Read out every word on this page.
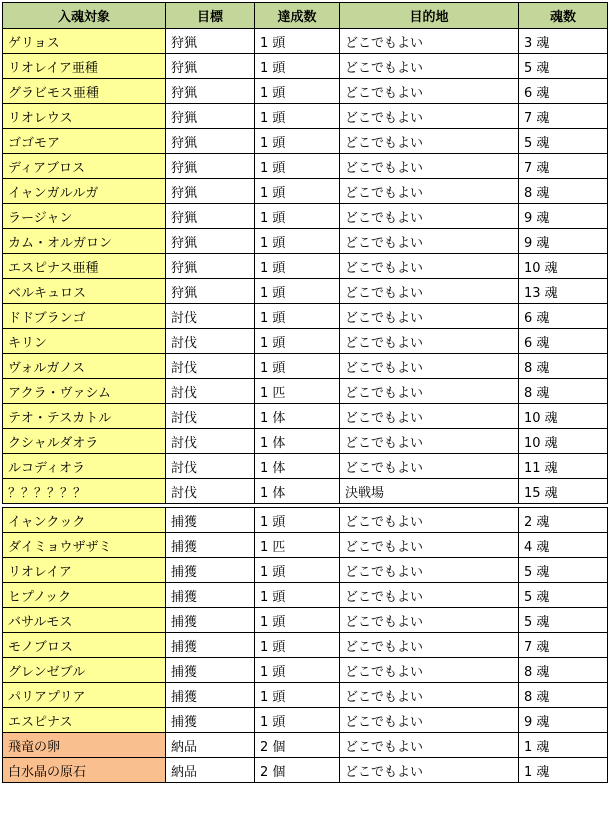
入魂対象	目標	達成数	目的地	魂数
ゲリョス	狩猟	1 頭	どこでもよい	3 魂
リオレイア亜種	狩猟	1 頭	どこでもよい	5 魂
グラビモス亜種	狩猟	1 頭	どこでもよい	6 魂
リオレウス	狩猟	1 頭	どこでもよい	7 魂
ゴゴモア	狩猟	1 頭	どこでもよい	5 魂
ディアブロス	狩猟	1 頭	どこでもよい	7 魂
イャンガルルガ	狩猟	1 頭	どこでもよい	8 魂
ラージャン	狩猟	1 頭	どこでもよい	9 魂
カム・オルガロン	狩猟	1 頭	どこでもよい	9 魂
エスピナス亜種	狩猟	1 頭	どこでもよい	10 魂
ベルキュロス	狩猟	1 頭	どこでもよい	13 魂
ドドブランゴ	討伐	1 頭	どこでもよい	6 魂
キリン	討伐	1 頭	どこでもよい	6 魂
ヴォルガノス	討伐	1 頭	どこでもよい	8 魂
アクラ・ヴァシム	討伐	1 匹	どこでもよい	8 魂
テオ・テスカトル	討伐	1 体	どこでもよい	10 魂
クシャルダオラ	討伐	1 体	どこでもよい	10 魂
ルコディオラ	討伐	1 体	どこでもよい	11 魂
？？？？？？	討伐	1 体	決戦場	15 魂

イャンクック	捕獲	1 頭	どこでもよい	2 魂
ダイミョウザザミ	捕獲	1 匹	どこでもよい	4 魂
リオレイア	捕獲	1 頭	どこでもよい	5 魂
ヒプノック	捕獲	1 頭	どこでもよい	5 魂
バサルモス	捕獲	1 頭	どこでもよい	5 魂
モノブロス	捕獲	1 頭	どこでもよい	7 魂
グレンゼブル	捕獲	1 頭	どこでもよい	8 魂
パリアプリア	捕獲	1 頭	どこでもよい	8 魂
エスピナス	捕獲	1 頭	どこでもよい	9 魂
飛竜の卵	納品	2 個	どこでもよい	1 魂
白水晶の原石	納品	2 個	どこでもよい	1 魂
